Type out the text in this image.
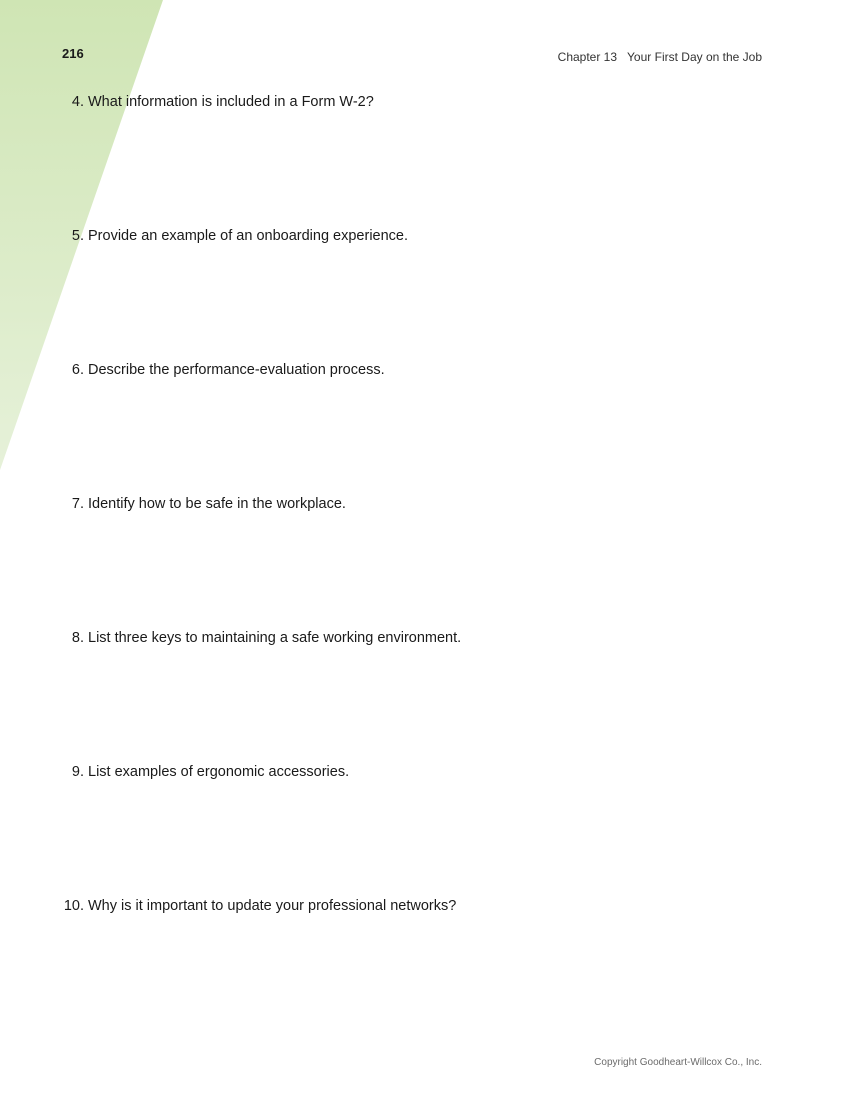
216	Chapter 13 Your First Day on the Job
4. What information is included in a Form W-2?
5. Provide an example of an onboarding experience.
6. Describe the performance-evaluation process.
7. Identify how to be safe in the workplace.
8. List three keys to maintaining a safe working environment.
9. List examples of ergonomic accessories.
10. Why is it important to update your professional networks?
Copyright Goodheart-Willcox Co., Inc.
